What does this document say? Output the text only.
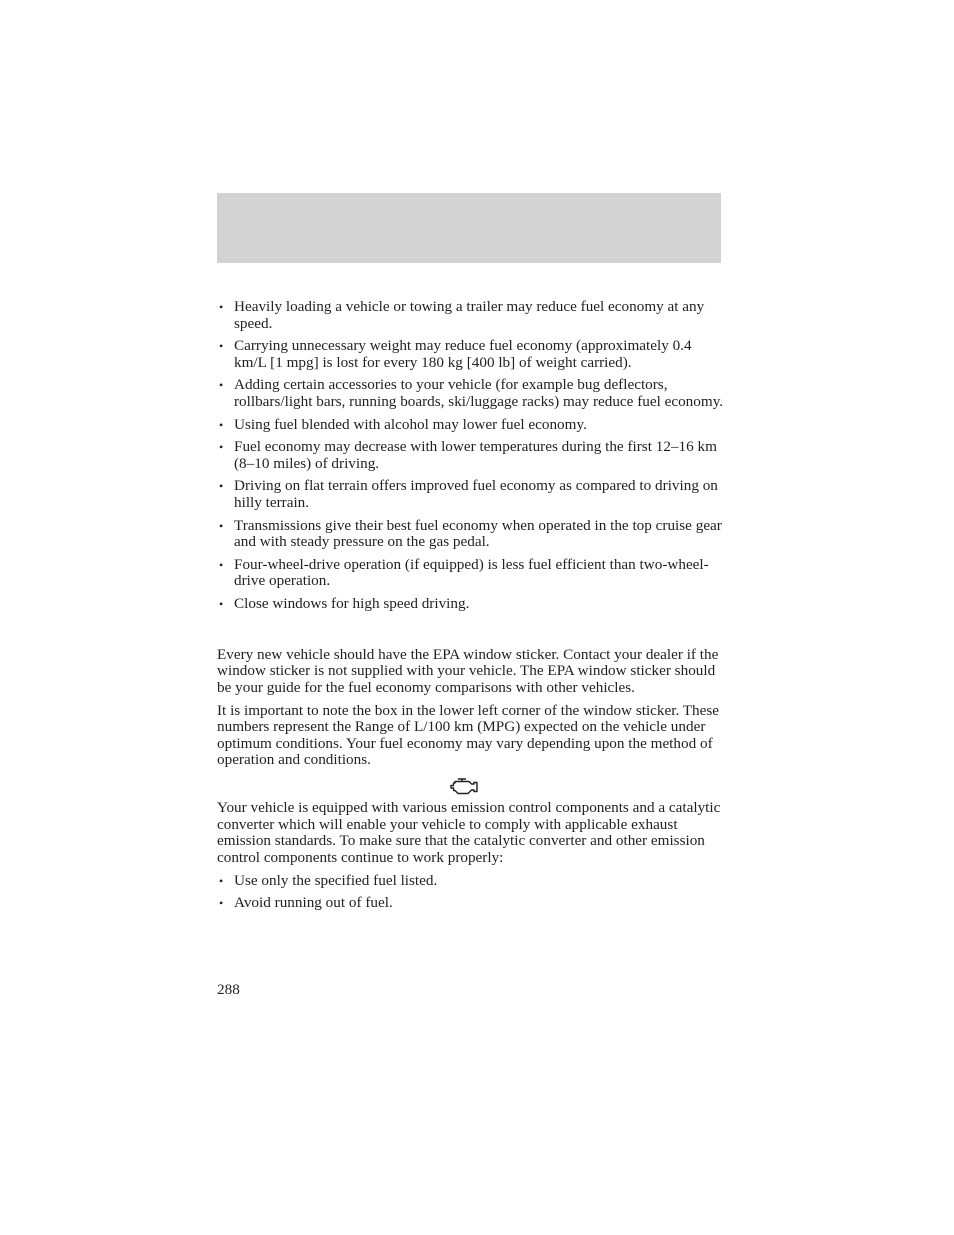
• Heavily loading a vehicle or towing a trailer may reduce fuel economy at any speed.
• Carrying unnecessary weight may reduce fuel economy (approximately 0.4 km/L [1 mpg] is lost for every 180 kg [400 lb] of weight carried).
• Adding certain accessories to your vehicle (for example bug deflectors, rollbars/light bars, running boards, ski/luggage racks) may reduce fuel economy.
• Using fuel blended with alcohol may lower fuel economy.
• Fuel economy may decrease with lower temperatures during the first 12–16 km (8–10 miles) of driving.
• Driving on flat terrain offers improved fuel economy as compared to driving on hilly terrain.
• Transmissions give their best fuel economy when operated in the top cruise gear and with steady pressure on the gas pedal.
• Four-wheel-drive operation (if equipped) is less fuel efficient than two-wheel-drive operation.
• Close windows for high speed driving.

Every new vehicle should have the EPA window sticker. Contact your dealer if the window sticker is not supplied with your vehicle. The EPA window sticker should be your guide for the fuel economy comparisons with other vehicles.

It is important to note the box in the lower left corner of the window sticker. These numbers represent the Range of L/100 km (MPG) expected on the vehicle under optimum conditions. Your fuel economy may vary depending upon the method of operation and conditions.

Your vehicle is equipped with various emission control components and a catalytic converter which will enable your vehicle to comply with applicable exhaust emission standards. To make sure that the catalytic converter and other emission control components continue to work properly:

• Use only the specified fuel listed.
• Avoid running out of fuel.
288
